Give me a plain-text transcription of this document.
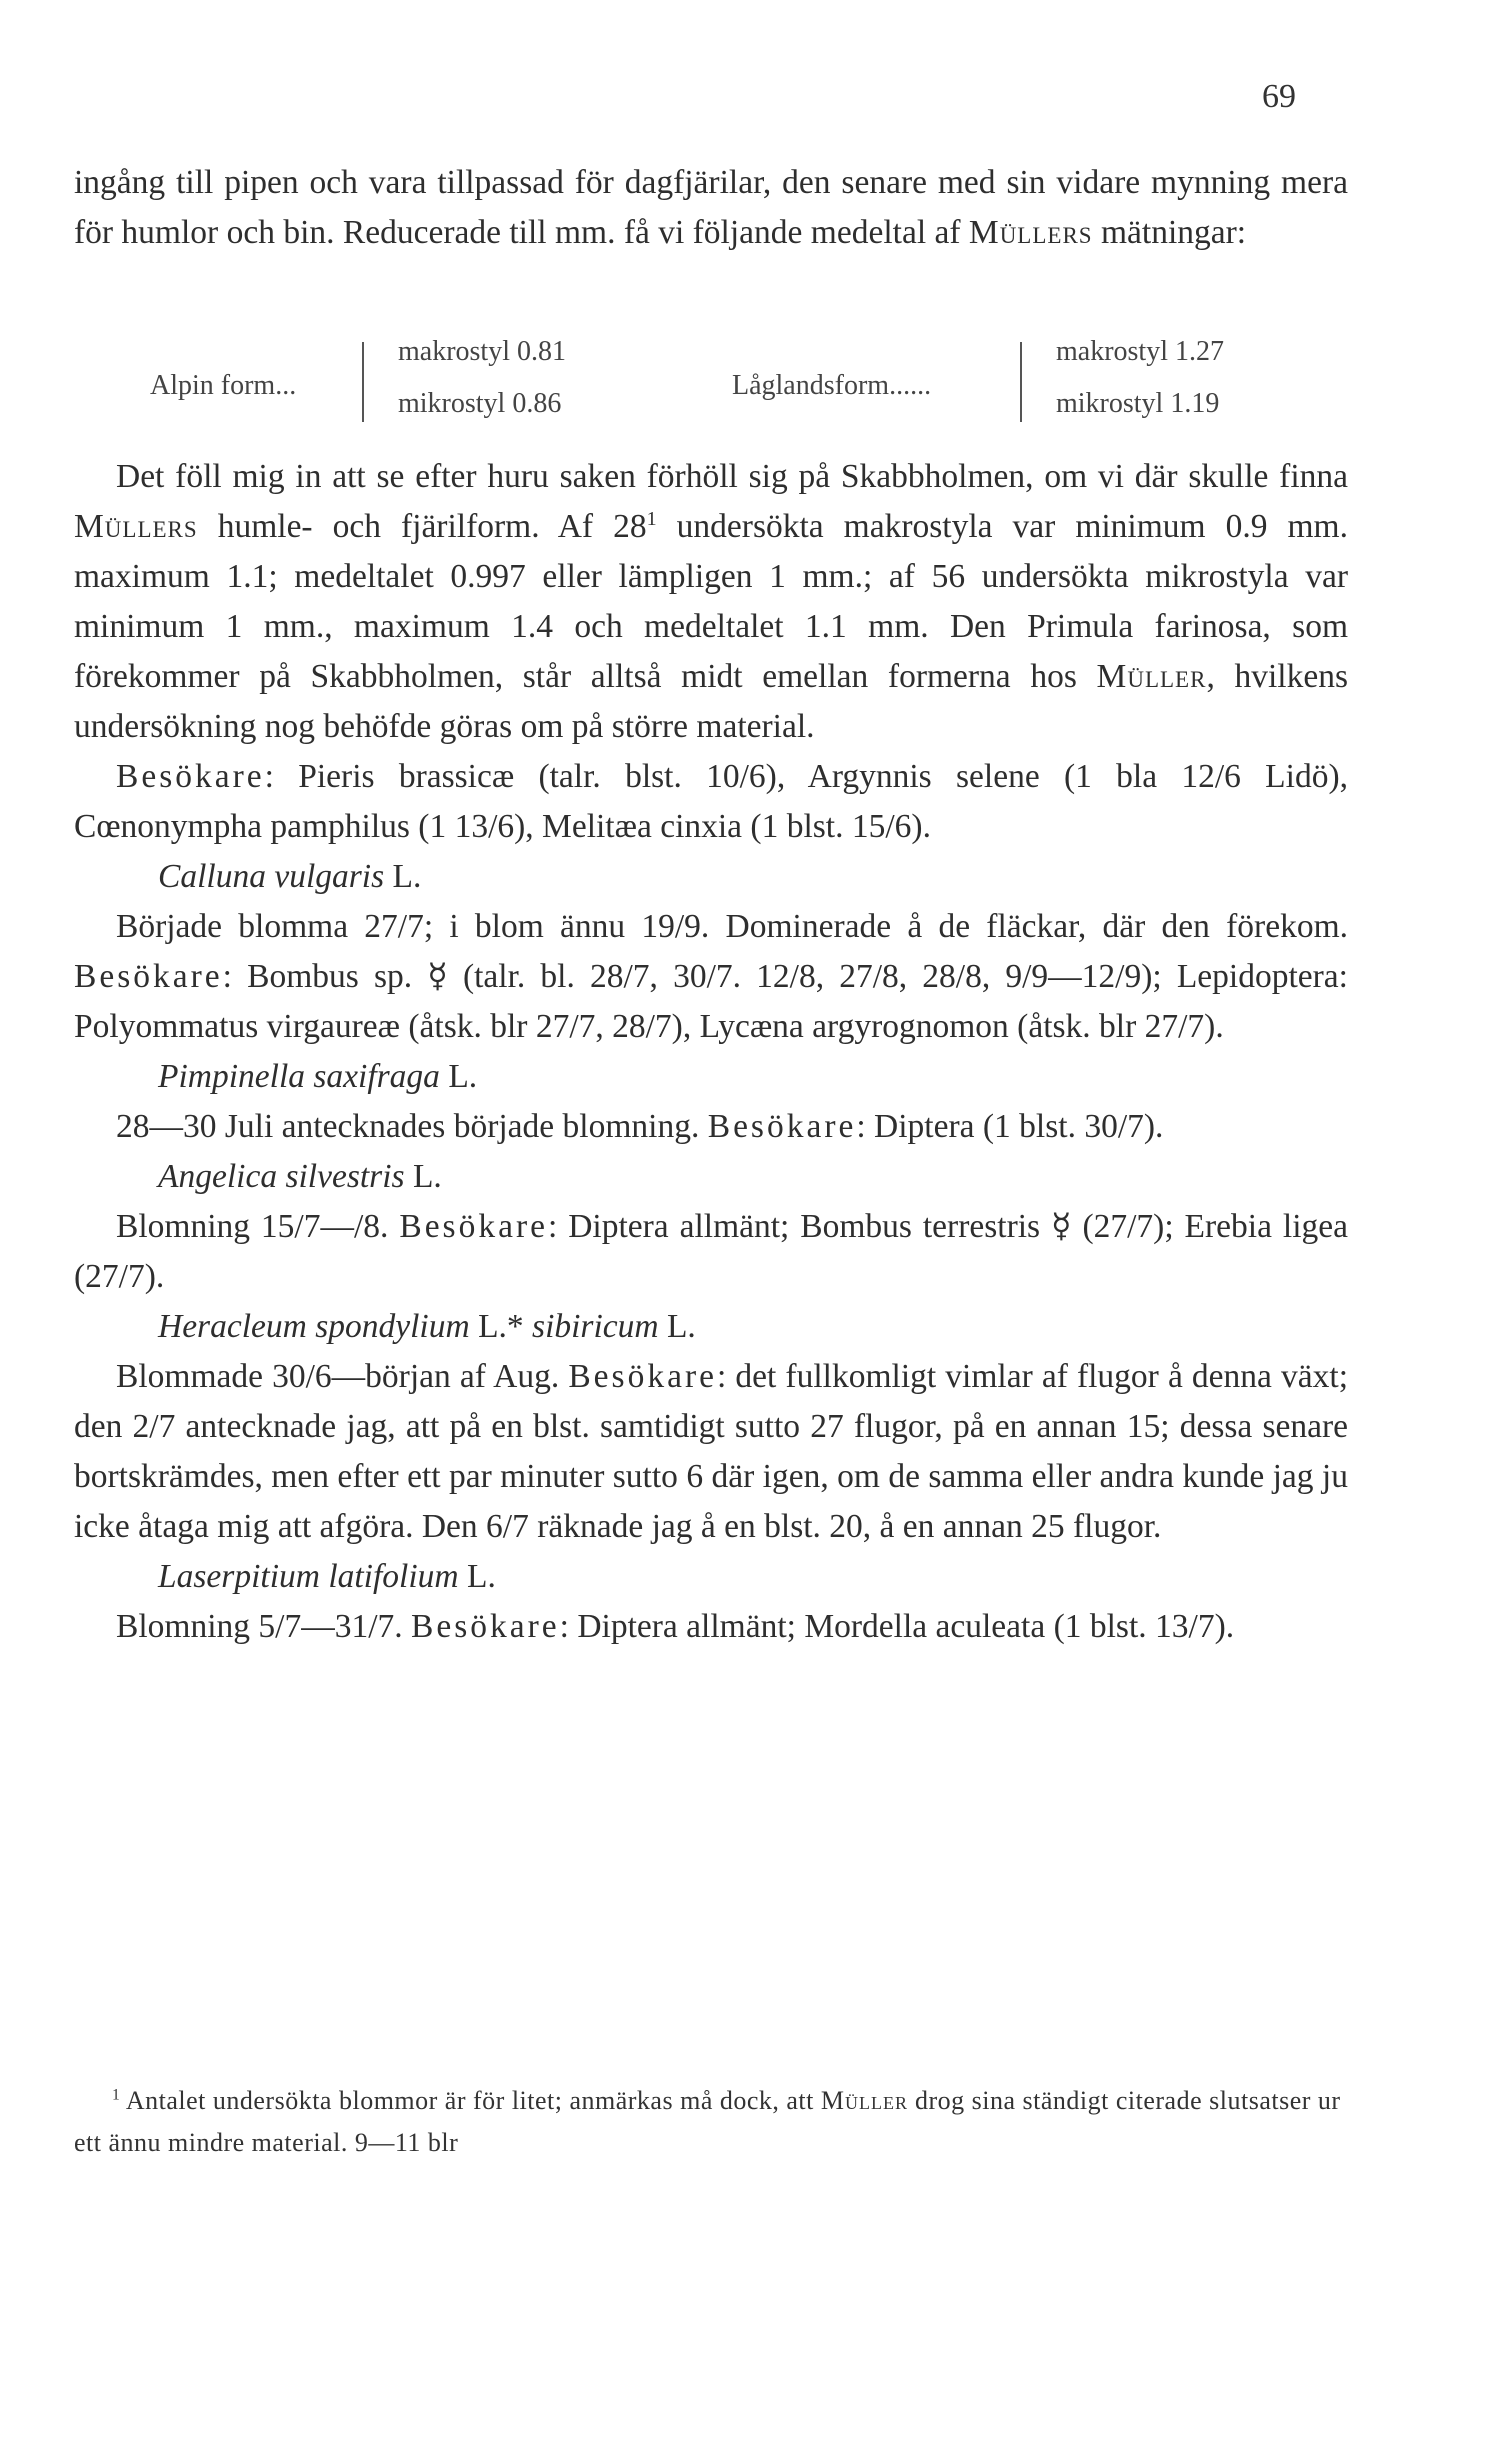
69

ingång till pipen och vara tillpassad för dagfjärilar, den senare med sin vidare mynning mera för humlor och bin. Reducerade till mm. få vi följande medeltal af Müllers mätningar:

Alpin form...
makrostyl 0.81
mikrostyl 0.86
Låglandsform......
makrostyl 1.27
mikrostyl 1.19

Det föll mig in att se efter huru saken förhöll sig på Skabbholmen, om vi där skulle finna Müllers humle- och fjärilform. Af $28^1$ undersökta makrostyla var minimum 0.9 mm. maximum 1.1; medeltalet 0.997 eller lämpligen 1 mm.; af 56 undersökta mikrostyla var minimum 1 mm., maximum 1.4 och medeltalet 1.1 mm. Den Primula farinosa, som förekommer på Skabbholmen, står alltså midt emellan formerna hos Müller, hvilkens undersökning nog behöfde göras om på större material.

Besökare: Pieris brassicæ (talr. blst. 10/6), Argynnis selene (1 bla 12/6 Lidö), Cœnonympha pamphilus (1 13/6), Melitæa cinxia (1 blst. 15/6).

Calluna vulgaris L.

Började blomma 27/7; i blom ännu 19/9. Dominerade å de fläckar, där den förekom. Besökare: Bombus sp. ☿ (talr. bl. 28/7, 30/7. 12/8, 27/8, 28/8, 9/9—12/9); Lepidoptera: Polyommatus virgaureæ (åtsk. blr 27/7, 28/7), Lycæna argyrognomon (åtsk. blr 27/7).

Pimpinella saxifraga L.

28—30 Juli antecknades började blomning. Besökare: Diptera (1 blst. 30/7).

Angelica silvestris L.

Blomning 15/7—/8. Besökare: Diptera allmänt; Bombus terrestris ☿ (27/7); Erebia ligea (27/7).

Heracleum spondylium L.* sibiricum L.

Blommade 30/6—början af Aug. Besökare: det fullkomligt vimlar af flugor å denna växt; den 2/7 antecknade jag, att på en blst. samtidigt sutto 27 flugor, på en annan 15; dessa senare bortskrämdes, men efter ett par minuter sutto 6 där igen, om de samma eller andra kunde jag ju icke åtaga mig att afgöra. Den 6/7 räknade jag å en blst. 20, å en annan 25 flugor.

Laserpitium latifolium L.

Blomning 5/7—31/7. Besökare: Diptera allmänt; Mordella aculeata (1 blst. 13/7).

$^1$ Antalet undersökta blommor är för litet; anmärkas må dock, att Müller drog sina ständigt citerade slutsatser ur ett ännu mindre material. 9—11 blr
